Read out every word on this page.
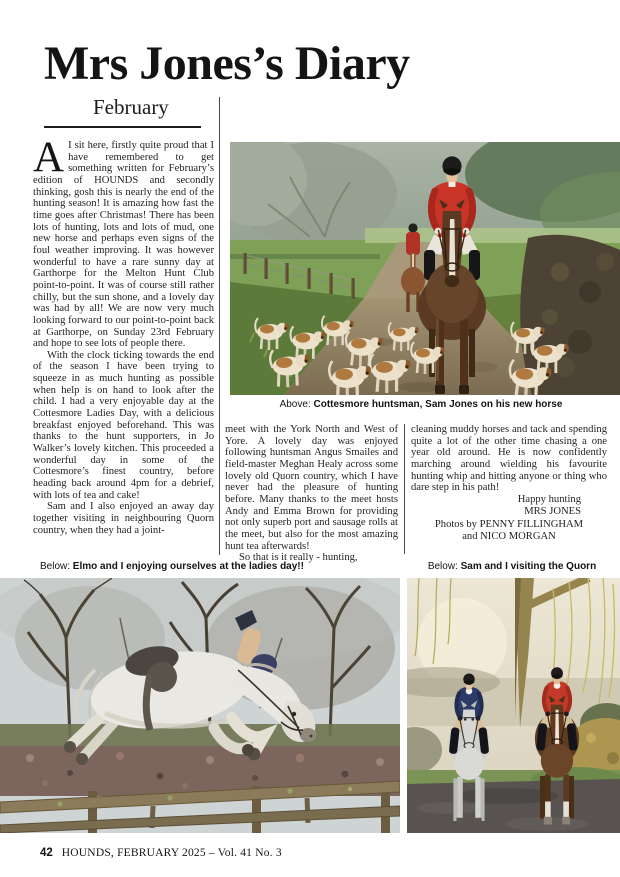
Mrs Jones’s Diary
February

A I sit here, firstly quite proud that I have remembered to get something written for February’s edition of HOUNDS and secondly thinking, gosh this is nearly the end of the hunting season! It is amazing how fast the time goes after Christmas! There has been lots of hunting, lots and lots of mud, one new horse and perhaps even signs of the foul weather improving. It was however wonderful to have a rare sunny day at Garthorpe for the Melton Hunt Club point-to-point. It was of course still rather chilly, but the sun shone, and a lovely day was had by all! We are now very much looking forward to our point-to-point back at Garthorpe, on Sunday 23rd February and hope to see lots of people there.

With the clock ticking towards the end of the season I have been trying to squeeze in as much hunting as possible when help is on hand to look after the child. I had a very enjoyable day at the Cottesmore Ladies Day, with a delicious breakfast enjoyed beforehand. This was thanks to the hunt supporters, in Jo Walker’s lovely kitchen. This proceeded a wonderful day in some of the Cottesmore’s finest country, before heading back around 4pm for a debrief, with lots of tea and cake!

Sam and I also enjoyed an away day together visiting in neighbouring Quorn country, when they had a joint-

Above: Cottesmore huntsman, Sam Jones on his new horse

meet with the York North and West of Yore. A lovely day was enjoyed following huntsman Angus Smailes and field-master Meghan Healy across some lovely old Quorn country, which I have never had the pleasure of hunting before. Many thanks to the meet hosts Andy and Emma Brown for providing not only superb port and sausage rolls at the meet, but also for the most amazing hunt tea afterwards!

So that is it really - hunting,

cleaning muddy horses and tack and spending quite a lot of the other time chasing a one year old around. He is now confidently marching around wielding his favourite hunting whip and hitting anyone or thing who dare step in his path!

Happy hunting

MRS JONES

Photos by PENNY FILLINGHAM

and NICO MORGAN

Below: Elmo and I enjoying ourselves at the ladies day!!	Below: Sam and I visiting the Quorn
42 HOUNDS, FEBRUARY 2025 – Vol. 41 No. 3
